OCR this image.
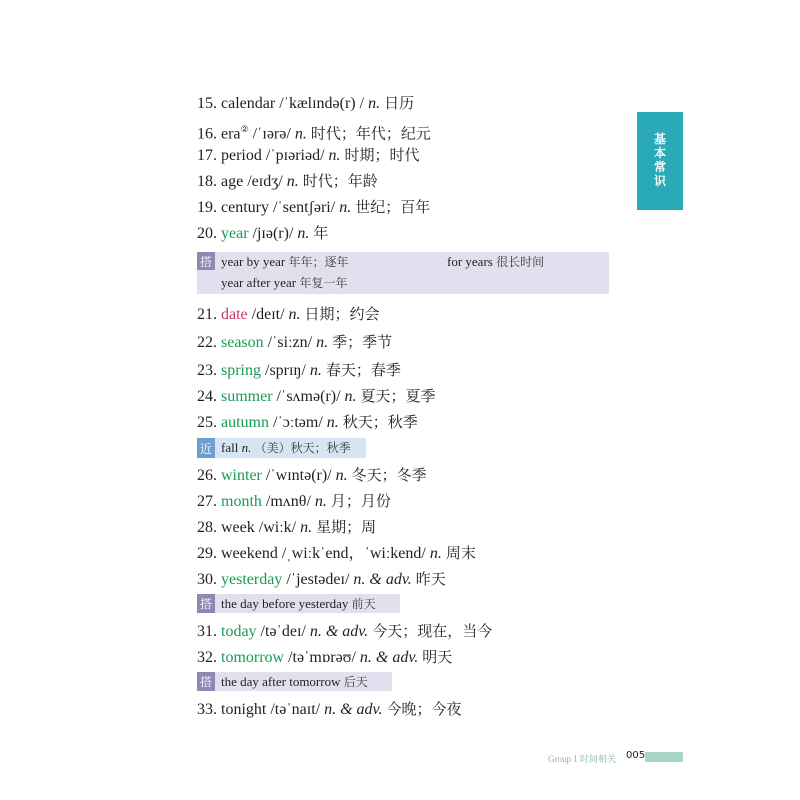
基
本
常
识
15. calendar /ˈkælɪndə(r) / n. 日历
16. era② /ˈɪərə/ n. 时代；年代；纪元
17. period /ˈpɪəriəd/ n. 时期；时代
18. age /eɪdʒ/ n. 时代；年龄
19. century /ˈsentʃəri/ n. 世纪；百年
20. year /jɪə(r)/ n. 年
搭 year by year 年年；逐年	for years 很长时间
year after year 年复一年
21. date /deɪt/ n. 日期；约会
22. season /ˈsiːzn/ n. 季；季节
23. spring /sprɪŋ/ n. 春天；春季
24. summer /ˈsʌmə(r)/ n. 夏天；夏季
25. autumn /ˈɔːtəm/ n. 秋天；秋季
近 fall n. （美）秋天；秋季
26. winter /ˈwɪntə(r)/ n. 冬天；冬季
27. month /mʌnθ/ n. 月；月份
28. week /wiːk/ n. 星期；周
29. weekend /ˌwiːkˈend，ˈwiːkend/ n. 周末
30. yesterday /ˈjestədeɪ/ n. & adv. 昨天
搭 the day before yesterday 前天
31. today /təˈdeɪ/ n. & adv. 今天；现在，当今
32. tomorrow /təˈmɒrəʊ/ n. & adv. 明天
搭 the day after tomorrow 后天
33. tonight /təˈnaɪt/ n. & adv. 今晚；今夜
Group 1 时间相关 005
